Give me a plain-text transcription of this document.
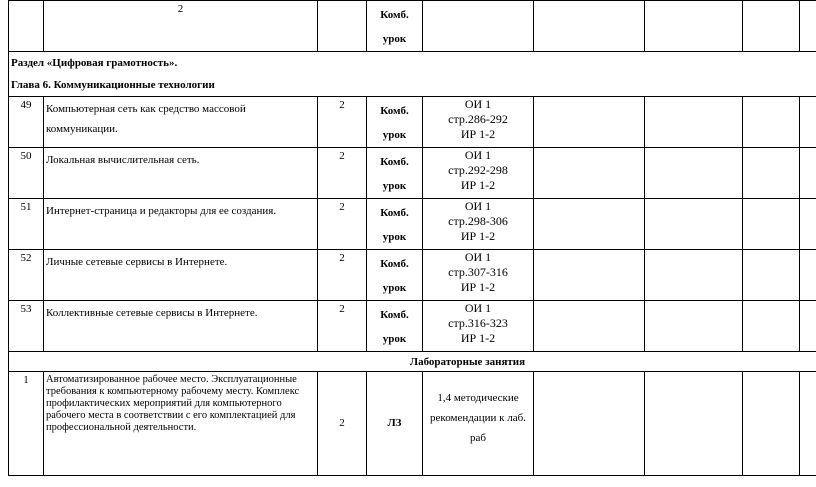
	2		Комб. урок					

Раздел «Цифровая грамотность».
Глава 6. Коммуникационные технологии								

49	Компьютерная сеть как средство массовой коммуникации.	2	Комб. урок	ОИ 1
стр.286-292
ИР 1-2				

50	Локальная вычислительная сеть.	2	Комб. урок	ОИ 1
стр.292-298
ИР 1-2				

51	Интернет-страница и редакторы для ее создания.	2	Комб. урок	ОИ 1
стр.298-306
ИР 1-2				

52	Личные сетевые сервисы в Интернете.	2	Комб. урок	ОИ 1
стр.307-316
ИР 1-2				

53	Коллективные сетевые сервисы в Интернете.	2	Комб. урок	ОИ 1
стр.316-323
ИР 1-2				

Лабораторные занятия								
1	Автоматизированное рабочее место. Эксплуатационные требования к компьютерному рабочему месту. Комплекс профилактических мероприятий для компьютерного рабочего места в соответствии с его комплектацией для профессиональной деятельности.	2	ЛЗ	1,4 методические рекомендации к лаб. раб				
